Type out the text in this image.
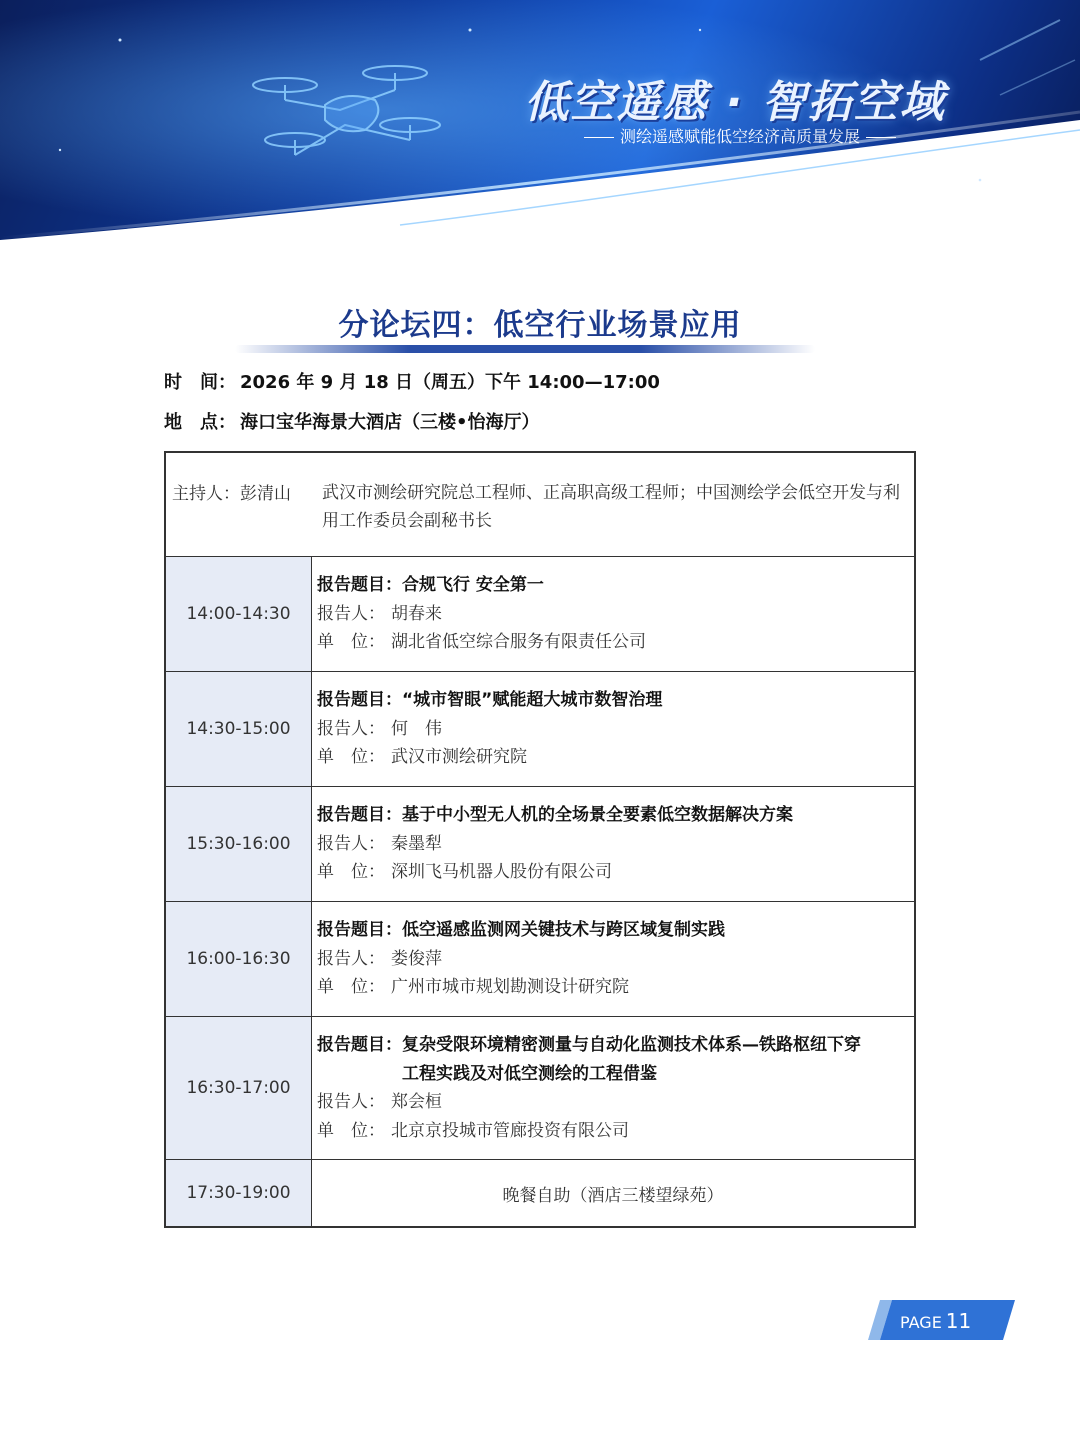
低空遥感 · 智拓空域
测绘遥感赋能低空经济高质量发展
分论坛四：低空行业场景应用
时　间： 2026 年 9 月 18 日（周五）下午 14:00—17:00
地　点： 海口宝华海景大酒店（三楼•怡海厅）
主持人：彭清山	武汉市测绘研究院总工程师、正高职高级工程师；中国测绘学会低空开发与利用工作委员会副秘书长
14:00-14:30
报告题目： 合规飞行 安全第一
报告人： 胡春来
单　位： 湖北省低空综合服务有限责任公司
14:30-15:00
报告题目： “城市智眼”赋能超大城市数智治理
报告人： 何　伟
单　位： 武汉市测绘研究院
15:30-16:00
报告题目： 基于中小型无人机的全场景全要素低空数据解决方案
报告人： 秦墨犁
单　位： 深圳飞马机器人股份有限公司
16:00-16:30
报告题目： 低空遥感监测网关键技术与跨区域复制实践
报告人： 娄俊萍
单　位： 广州市城市规划勘测设计研究院
16:30-17:00
报告题目： 复杂受限环境精密测量与自动化监测技术体系—铁路枢纽下穿工程实践及对低空测绘的工程借鉴
报告人： 郑会桓
单　位： 北京京投城市管廊投资有限公司
17:30-19:00	晚餐自助（酒店三楼望绿苑）
PAGE 11
